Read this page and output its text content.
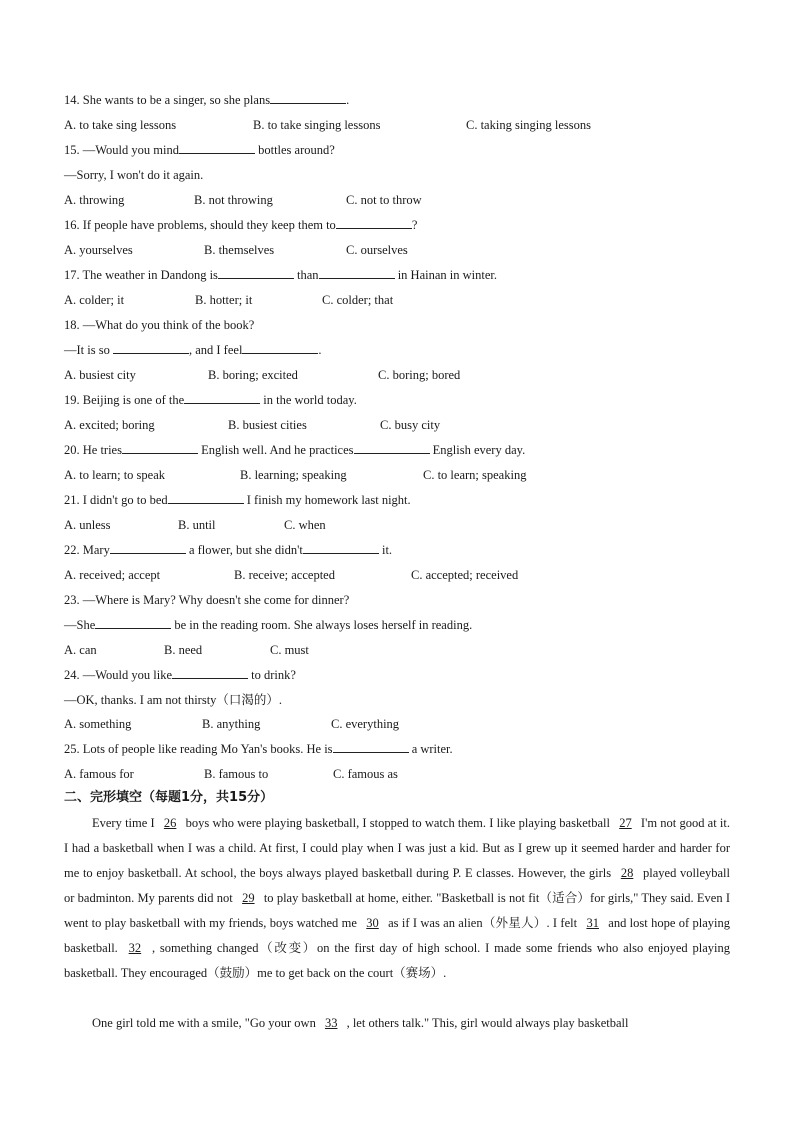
14. She wants to be a singer, so she plans	.
A. to take sing lessons	B. to take singing lessons	C. taking singing lessons
15. —Would you mind	bottles around?
—Sorry, I won't do it again.
A. throwing	B. not throwing	C. not to throw
16. If people have problems, should they keep them to	?
A. yourselves	B. themselves	C. ourselves
17. The weather in Dandong is	than	in Hainan in winter.
A. colder; it	B. hotter; it	C. colder; that
18. —What do you think of the book?
—It is so	, and I feel	.
A. busiest city	B. boring; excited	C. boring; bored
19. Beijing is one of the	in the world today.
A. excited; boring	B. busiest cities	C. busy city
20. He tries	English well. And he practices	English every day.
A. to learn; to speak	B. learning; speaking	C. to learn; speaking
21. I didn't go to bed	I finish my homework last night.
A. unless	B. until	C. when
22. Mary	a flower, but she didn't	it.
A. received; accept	B. receive; accepted	C. accepted; received
23. —Where is Mary? Why doesn't she come for dinner?
—She	be in the reading room. She always loses herself in reading.
A. can	B. need	C. must
24. —Would you like	to drink?
—OK, thanks. I am not thirsty（口渴的）.
A. something	B. anything	C. everything
25. Lots of people like reading Mo Yan's books. He is	a writer.
A. famous for	B. famous to	C. famous as
二、完形填空（每题1分，共15分）
Every time I 26 boys who were playing basketball, I stopped to watch them. I like playing basketball 27 I'm not good at it. I had a basketball when I was a child. At first, I could play when I was just a kid. But as I grew up it seemed harder and harder for me to enjoy basketball. At school, the boys always played basketball during P. E classes. However, the girls 28 played volleyball or badminton. My parents did not 29 to play basketball at home, either. "Basketball is not fit（适合）for girls," They said. Even I went to play basketball with my friends, boys watched me 30 as if I was an alien（外星人）. I felt 31 and lost hope of playing basketball. 32 , something changed（改变）on the first day of high school. I made some friends who also enjoyed playing basketball. They encouraged（鼓励）me to get back on the court（赛场）.
One girl told me with a smile, "Go your own 33 , let others talk." This, girl would always play basketball
